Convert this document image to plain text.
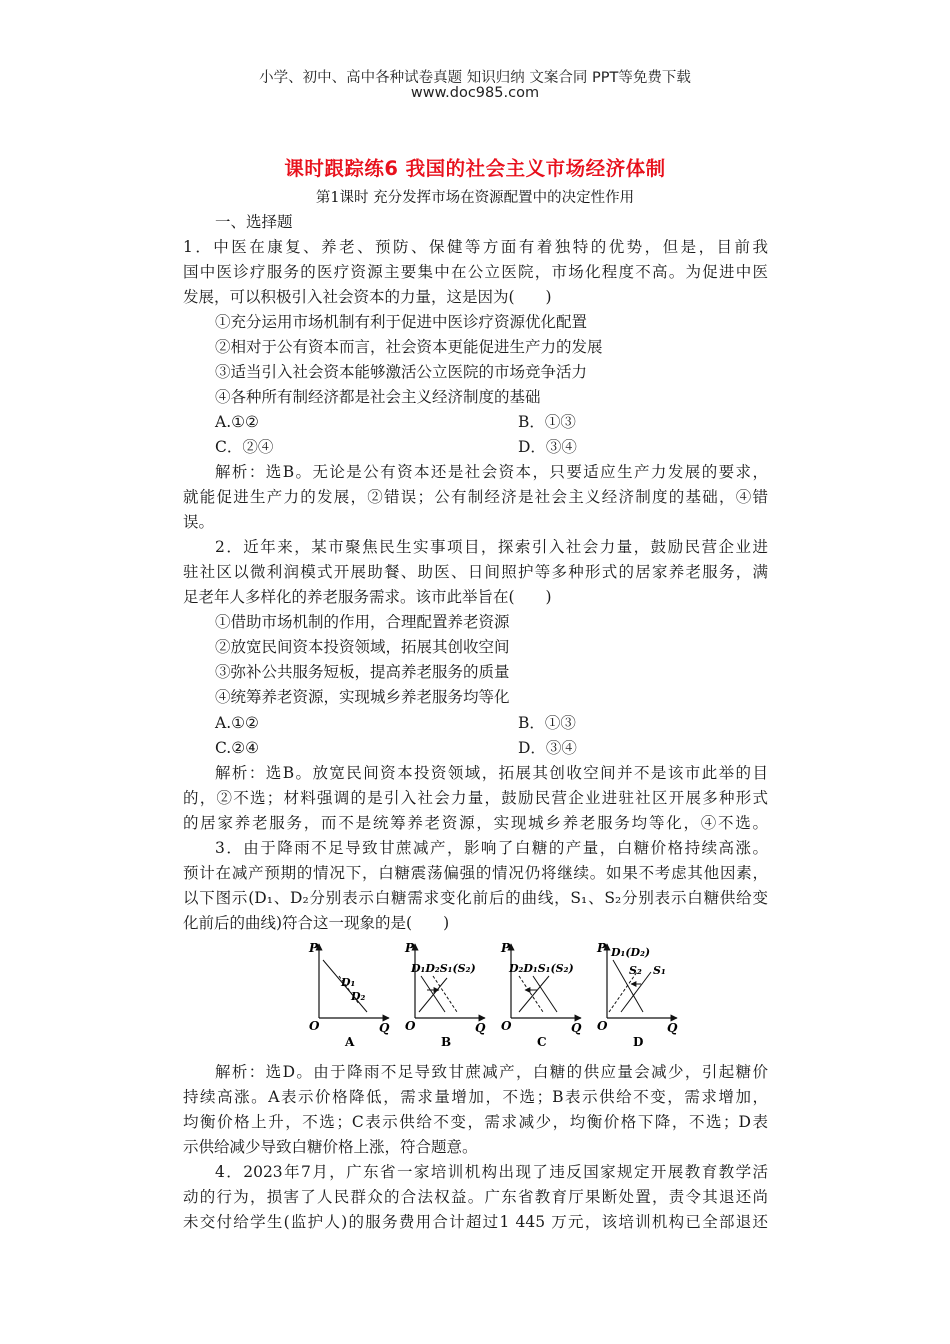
小学、初中、高中各种试卷真题 知识归纳 文案合同 PPT等免费下载
www.doc985.com
课时跟踪练6 我国的社会主义市场经济体制
第1课时 充分发挥市场在资源配置中的决定性作用
一、选择题
1．中医在康复、养老、预防、保健等方面有着独特的优势，但是，目前我
国中医诊疗服务的医疗资源主要集中在公立医院，市场化程度不高。为促进中医
发展，可以积极引入社会资本的力量，这是因为(　　)
①充分运用市场机制有利于促进中医诊疗资源优化配置
②相对于公有资本而言，社会资本更能促进生产力的发展
③适当引入社会资本能够激活公立医院的市场竞争活力
④各种所有制经济都是社会主义经济制度的基础
A.①②	B．①③
C．②④	D．③④
解析：选B。无论是公有资本还是社会资本，只要适应生产力发展的要求，
就能促进生产力的发展，②错误；公有制经济是社会主义经济制度的基础，④错
误。
2．近年来，某市聚焦民生实事项目，探索引入社会力量，鼓励民营企业进
驻社区以微利润模式开展助餐、助医、日间照护等多种形式的居家养老服务，满
足老年人多样化的养老服务需求。该市此举旨在(　　)
①借助市场机制的作用，合理配置养老资源
②放宽民间资本投资领域，拓展其创收空间
③弥补公共服务短板，提高养老服务的质量
④统筹养老资源，实现城乡养老服务均等化
A.①②	B．①③
C.②④	D．③④
解析：选B。放宽民间资本投资领域，拓展其创收空间并不是该市此举的目
的，②不选；材料强调的是引入社会力量，鼓励民营企业进驻社区开展多种形式
的居家养老服务，而不是统筹养老资源，实现城乡养老服务均等化，④不选。
3．由于降雨不足导致甘蔗减产，影响了白糖的产量，白糖价格持续高涨。
预计在减产预期的情况下，白糖震荡偏强的情况仍将继续。如果不考虑其他因素，
以下图示(D₁、D₂分别表示白糖需求变化前后的曲线，S₁、S₂分别表示白糖供给变
化前后的曲线)符合这一现象的是(　　)
P
O	Q
D₁
D₂
A
P
O	Q
D₁D₂S₁(S₂)
B
P
O	Q
D₂D₁S₁(S₂)
C
P
O	Q
D₁(D₂)
S₂ S₁
D
解析：选D。由于降雨不足导致甘蔗减产，白糖的供应量会减少，引起糖价
持续高涨。A表示价格降低，需求量增加，不选；B表示供给不变，需求增加，
均衡价格上升，不选；C表示供给不变，需求减少，均衡价格下降，不选；D表
示供给减少导致白糖价格上涨，符合题意。
4．2023年7月，广东省一家培训机构出现了违反国家规定开展教育教学活
动的行为，损害了人民群众的合法权益。广东省教育厅果断处置，责令其退还尚
未交付给学生(监护人)的服务费用合计超过1 445 万元，该培训机构已全部退还
